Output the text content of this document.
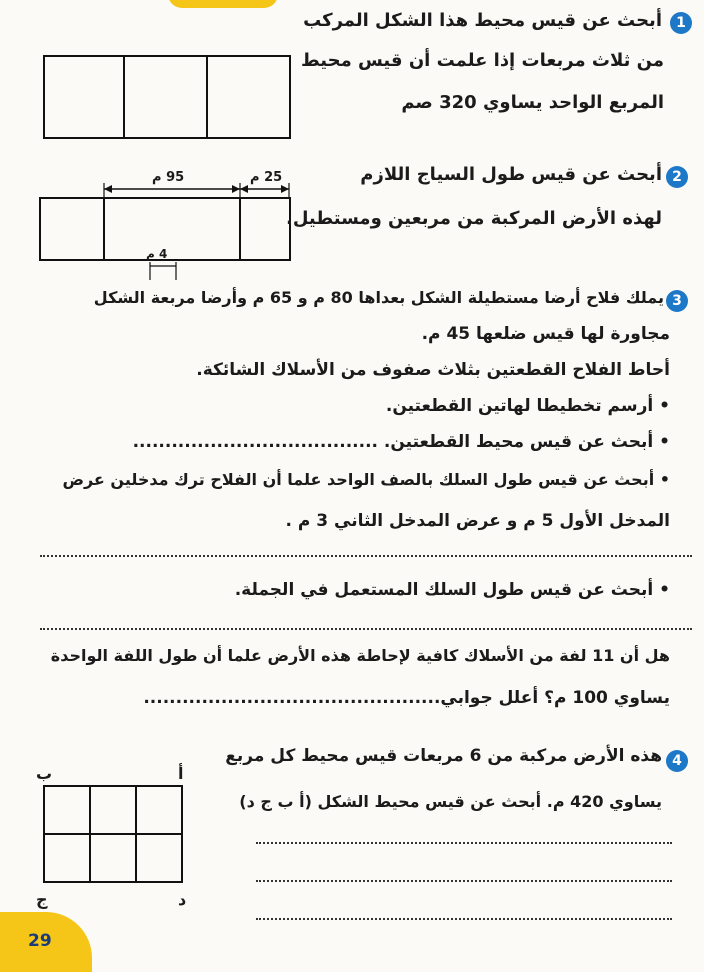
1
أبحث عن قيس محيط هذا الشكل المركب
من ثلاث مربعات إذا علمت أن قيس محيط
المربع الواحد يساوي 320 صم
95 م	25 م
4 م
2
أبحث عن قيس طول السياج اللازم
لهذه الأرض المركبة من مربعين ومستطيل.
3
يملك فلاح أرضا مستطيلة الشكل بعداها 80 م و 65 م وأرضا مربعة الشكل
مجاورة لها قيس ضلعها 45 م.
أحاط الفلاح القطعتين بثلاث صفوف من الأسلاك الشائكة.
• أرسم تخطيطا لهاتين القطعتين.
• أبحث عن قيس محيط القطعتين. ......................................
• أبحث عن قيس طول السلك بالصف الواحد علما أن الفلاح ترك مدخلين عرض
المدخل الأول 5 م و عرض المدخل الثاني 3 م .
• أبحث عن قيس طول السلك المستعمل في الجملة.
هل أن 11 لفة من الأسلاك كافية لإحاطة هذه الأرض علما أن طول اللفة الواحدة
يساوي 100 م؟ أعلل جوابي..............................................
4
هذه الأرض مركبة من 6 مربعات قيس محيط كل مربع
يساوي 420 م. أبحث عن قيس محيط الشكل (أ ب ج د)
أ
ب
ج	د
29
